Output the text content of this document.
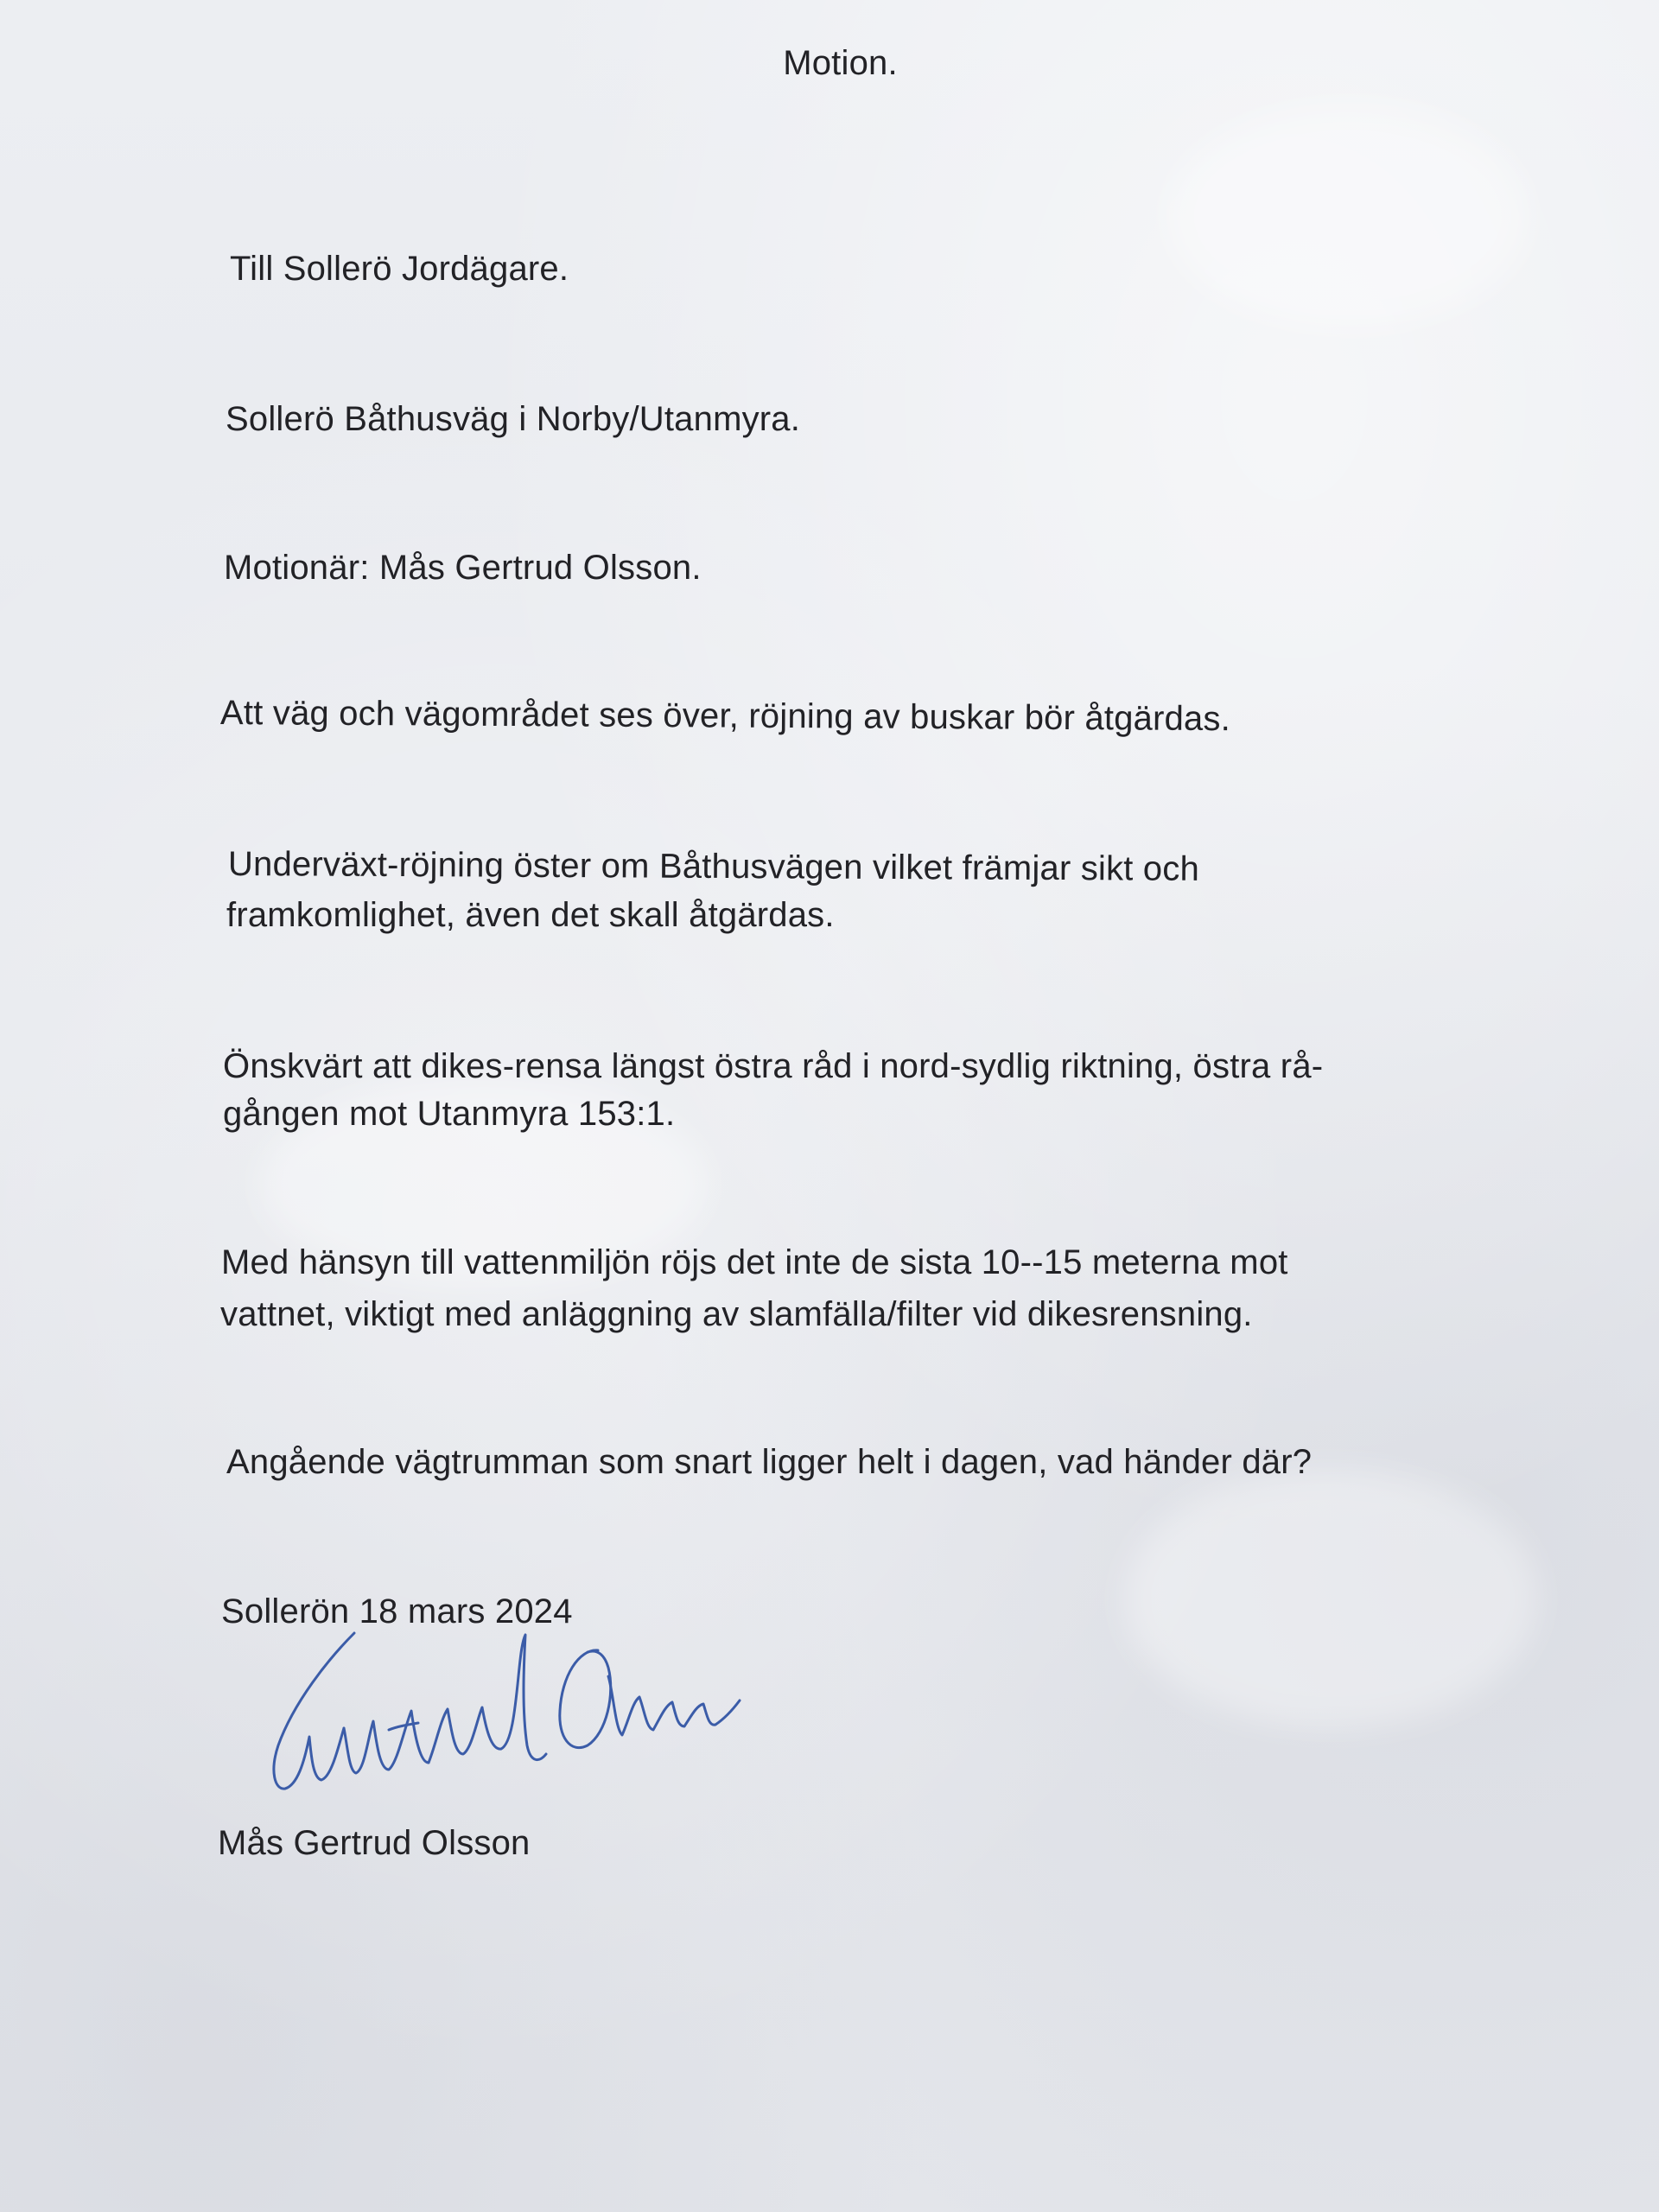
Motion.

Till Sollerö Jordägare.

Sollerö Båthusväg i Norby/Utanmyra.

Motionär: Mås Gertrud Olsson.

Att väg och vägområdet ses över, röjning av buskar bör åtgärdas.

Underväxt-röjning öster om Båthusvägen vilket främjar sikt och

framkomlighet, även det skall åtgärdas.

Önskvärt att dikes-rensa längst östra råd i nord-sydlig riktning, östra rå-

gången mot Utanmyra 153:1.

Med hänsyn till vattenmiljön röjs det inte de sista 10--15 meterna mot

vattnet, viktigt med anläggning av slamfälla/filter vid dikesrensning.

Angående vägtrumman som snart ligger helt i dagen, vad händer där?

Sollerön 18 mars 2024

Mås Gertrud Olsson
